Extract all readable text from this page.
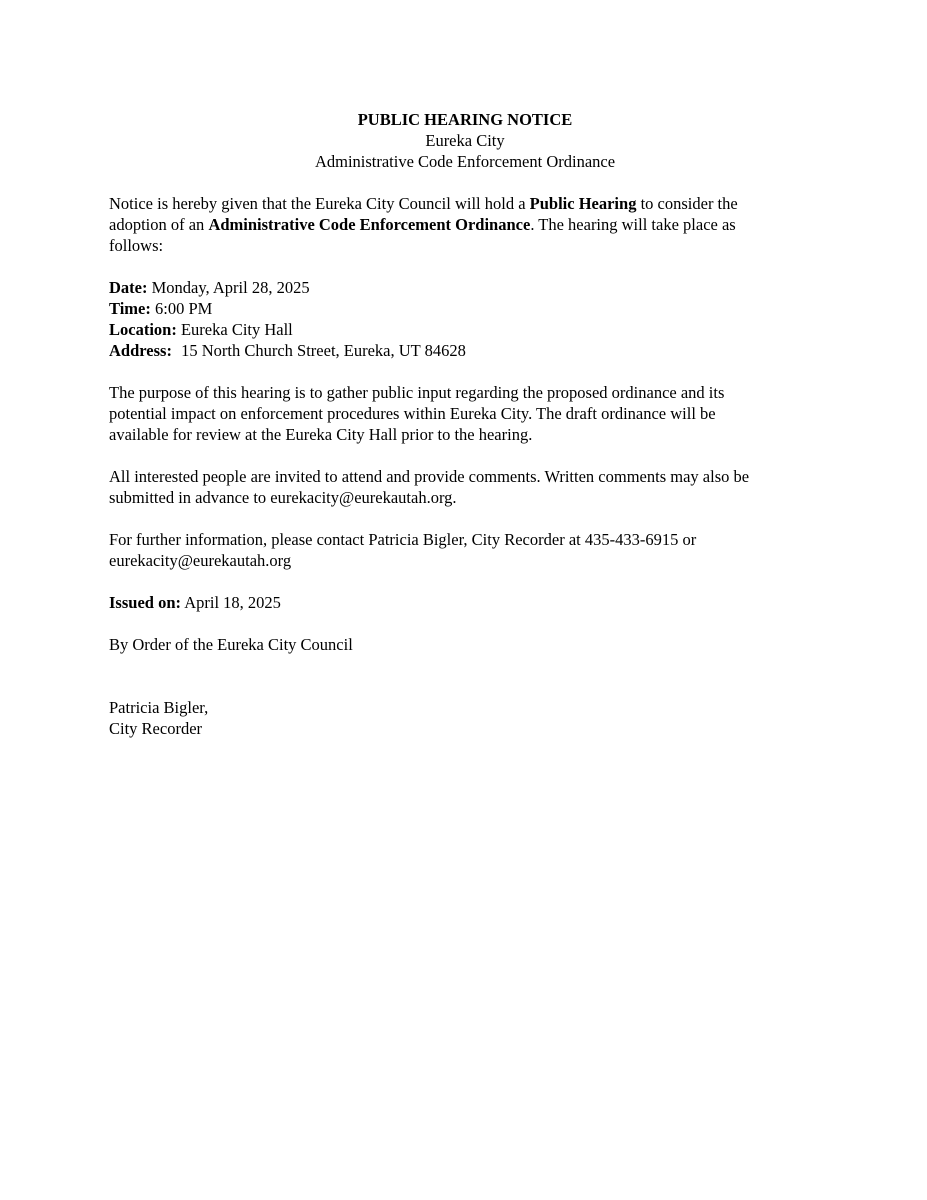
PUBLIC HEARING NOTICE
Eureka City
Administrative Code Enforcement Ordinance
Notice is hereby given that the Eureka City Council will hold a Public Hearing to consider the
adoption of an Administrative Code Enforcement Ordinance. The hearing will take place as
follows:
Date: Monday, April 28, 2025
Time: 6:00 PM
Location: Eureka City Hall
Address: 15 North Church Street, Eureka, UT 84628
The purpose of this hearing is to gather public input regarding the proposed ordinance and its
potential impact on enforcement procedures within Eureka City. The draft ordinance will be
available for review at the Eureka City Hall prior to the hearing.
All interested people are invited to attend and provide comments. Written comments may also be
submitted in advance to eurekacity@eurekautah.org.
For further information, please contact Patricia Bigler, City Recorder at 435-433-6915 or
eurekacity@eurekautah.org
Issued on: April 18, 2025
By Order of the Eureka City Council
Patricia Bigler,
City Recorder
